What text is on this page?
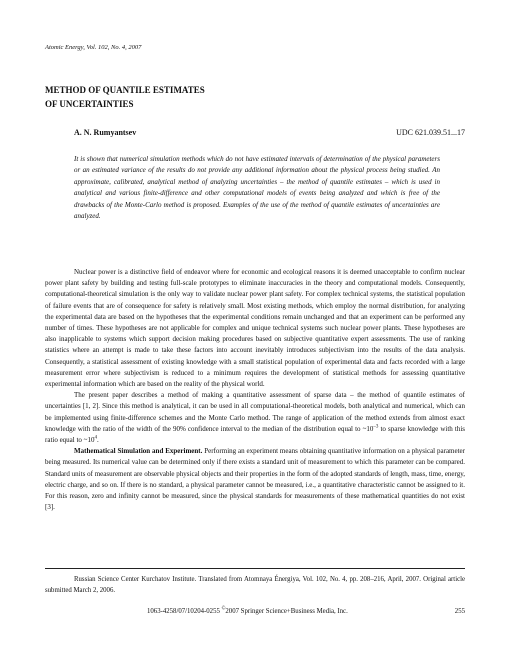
Atomic Energy, Vol. 102, No. 4, 2007
METHOD OF QUANTILE ESTIMATES
OF UNCERTAINTIES
A. N. Rumyantsev	UDC 621.039.51...17
It is shown that numerical simulation methods which do not have estimated intervals of determination of the physical parameters or an estimated variance of the results do not provide any additional information about the physical process being studied. An approximate, calibrated, analytical method of analyzing uncertainties – the method of quantile estimates – which is used in analytical and various finite-difference and other computational models of events being analyzed and which is free of the drawbacks of the Monte-Carlo method is proposed. Examples of the use of the method of quantile estimates of uncertainties are analyzed.

Nuclear power is a distinctive field of endeavor where for economic and ecological reasons it is deemed unacceptable to confirm nuclear power plant safety by building and testing full-scale prototypes to eliminate inaccuracies in the theory and computational models. Consequently, computational-theoretical simulation is the only way to validate nuclear power plant safety. For complex technical systems, the statistical population of failure events that are of consequence for safety is relatively small. Most existing methods, which employ the normal distribution, for analyzing the experimental data are based on the hypotheses that the experimental conditions remain unchanged and that an experiment can be performed any number of times. These hypotheses are not applicable for complex and unique technical systems such nuclear power plants. These hypotheses are also inapplicable to systems which support decision making procedures based on subjective quantitative expert assessments. The use of ranking statistics where an attempt is made to take these factors into account inevitably introduces subjectivism into the results of the data analysis. Consequently, a statistical assessment of existing knowledge with a small statistical population of experimental data and facts recorded with a large measurement error where subjectivism is reduced to a minimum requires the development of statistical methods for assessing quantitative experimental information which are based on the reality of the physical world.

The present paper describes a method of making a quantitative assessment of sparse data – the method of quantile estimates of uncertainties [1, 2]. Since this method is analytical, it can be used in all computational-theoretical models, both analytical and numerical, which can be implemented using finite-difference schemes and the Monte Carlo method. The range of application of the method extends from almost exact knowledge with the ratio of the width of the 90% confidence interval to the median of the distribution equal to $\sim 10^{-3}$ to sparse knowledge with this ratio equal to $\sim 10^4$.

Mathematical Simulation and Experiment. Performing an experiment means obtaining quantitative information on a physical parameter being measured. Its numerical value can be determined only if there exists a standard unit of measurement to which this parameter can be compared. Standard units of measurement are observable physical objects and their properties in the form of the adopted standards of length, mass, time, energy, electric charge, and so on. If there is no standard, a physical parameter cannot be measured, i.e., a quantitative characteristic cannot be assigned to it. For this reason, zero and infinity cannot be measured, since the physical standards for measurements of these mathematical quantities do not exist [3].

Russian Science Center Kurchatov Institute. Translated from Atomnaya Énergiya, Vol. 102, No. 4, pp. 208–216, April, 2007. Original article submitted March 2, 2006.
1063-4258/07/10204-0255 ©2007 Springer Science+Business Media, Inc.	255
